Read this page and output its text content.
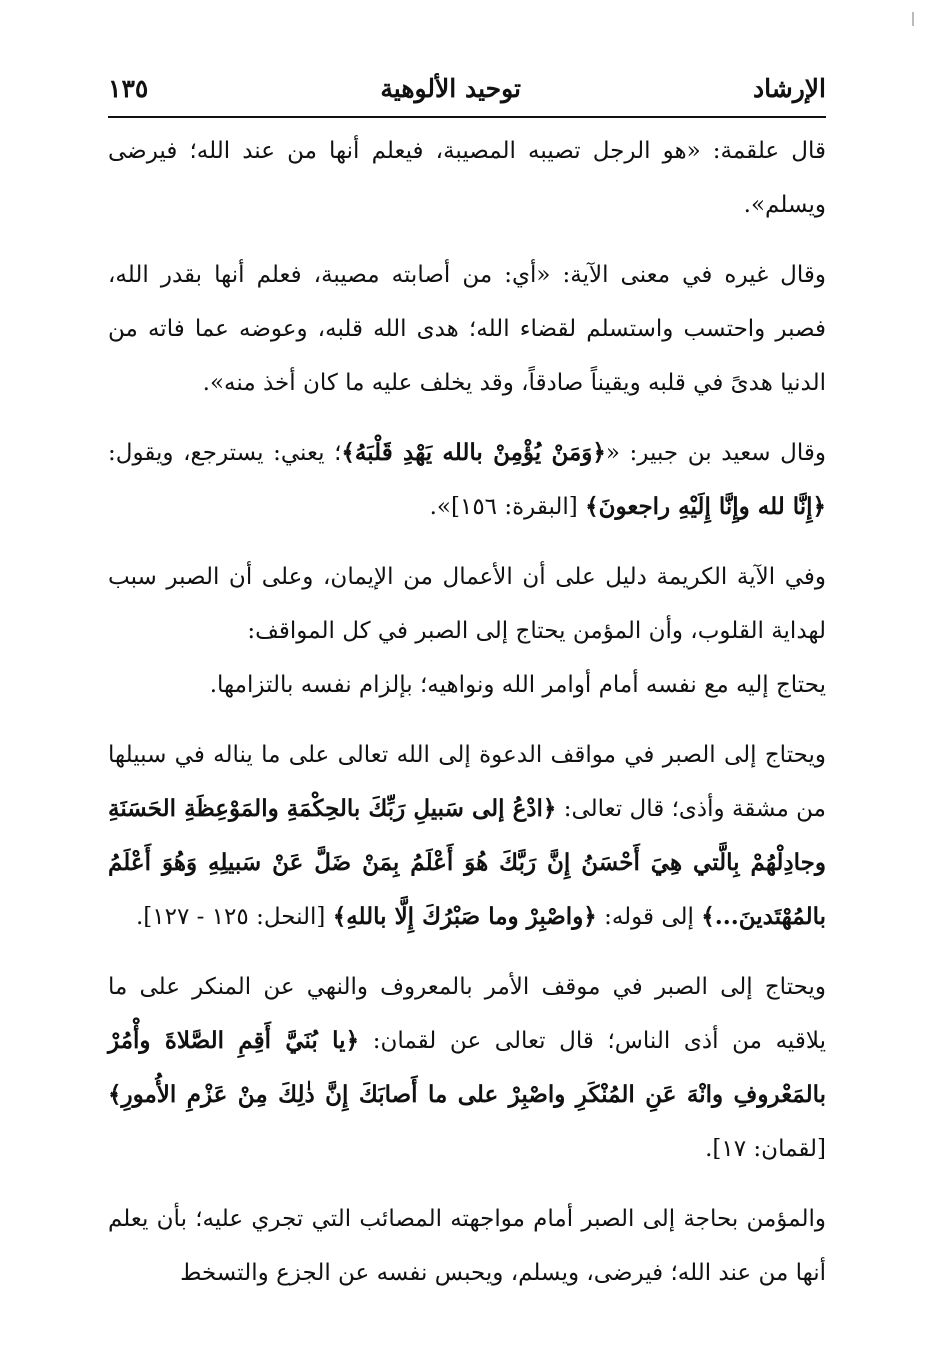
الإرشاد
توحيد الألوهية
١٣٥

قال علقمة: «هو الرجل تصيبه المصيبة، فيعلم أنها من عند الله؛ فيرضى ويسلم».

وقال غيره في معنى الآية: «أي: من أصابته مصيبة، فعلم أنها بقدر الله، فصبر واحتسب واستسلم لقضاء الله؛ هدى الله قلبه، وعوضه عما فاته من الدنيا هدىً في قلبه ويقيناً صادقاً، وقد يخلف عليه ما كان أخذ منه».

وقال سعيد بن جبير: «﴿وَمَنْ يُؤْمِنْ بالله يَهْدِ قَلْبَهُ﴾؛ يعني: يسترجع، ويقول: ﴿إِنَّا لله وإِنَّا إِلَيْهِ راجعونَ﴾ [البقرة: ١٥٦]».

وفي الآية الكريمة دليل على أن الأعمال من الإيمان، وعلى أن الصبر سبب لهداية القلوب، وأن المؤمن يحتاج إلى الصبر في كل المواقف:

يحتاج إليه مع نفسه أمام أوامر الله ونواهيه؛ بإلزام نفسه بالتزامها.

ويحتاج إلى الصبر في مواقف الدعوة إلى الله تعالى على ما يناله في سبيلها من مشقة وأذى؛ قال تعالى: ﴿ادْعُ إلى سَبيلِ رَبِّكَ بالحِكْمَةِ والمَوْعِظَةِ الحَسَنَةِ وجادِلْهُمْ بِالَّتي هِيَ أَحْسَنُ إِنَّ رَبَّكَ هُوَ أَعْلَمُ بِمَنْ ضَلَّ عَنْ سَبيلِهِ وَهُوَ أَعْلَمُ بالمُهْتَدينَ...﴾ إلى قوله: ﴿واصْبِرْ وما صَبْرُكَ إِلَّا باللهِ﴾ [النحل: ١٢٥ - ١٢٧].

ويحتاج إلى الصبر في موقف الأمر بالمعروف والنهي عن المنكر على ما يلاقيه من أذى الناس؛ قال تعالى عن لقمان: ﴿يا بُنَيَّ أَقِمِ الصَّلاةَ وأْمُرْ بالمَعْروفِ وانْهَ عَنِ المُنْكَرِ واصْبِرْ على ما أَصابَكَ إِنَّ ذٰلِكَ مِنْ عَزْمِ الأُمورِ﴾ [لقمان: ١٧].

والمؤمن بحاجة إلى الصبر أمام مواجهته المصائب التي تجري عليه؛ بأن يعلم أنها من عند الله؛ فيرضى، ويسلم، ويحبس نفسه عن الجزع والتسخط
